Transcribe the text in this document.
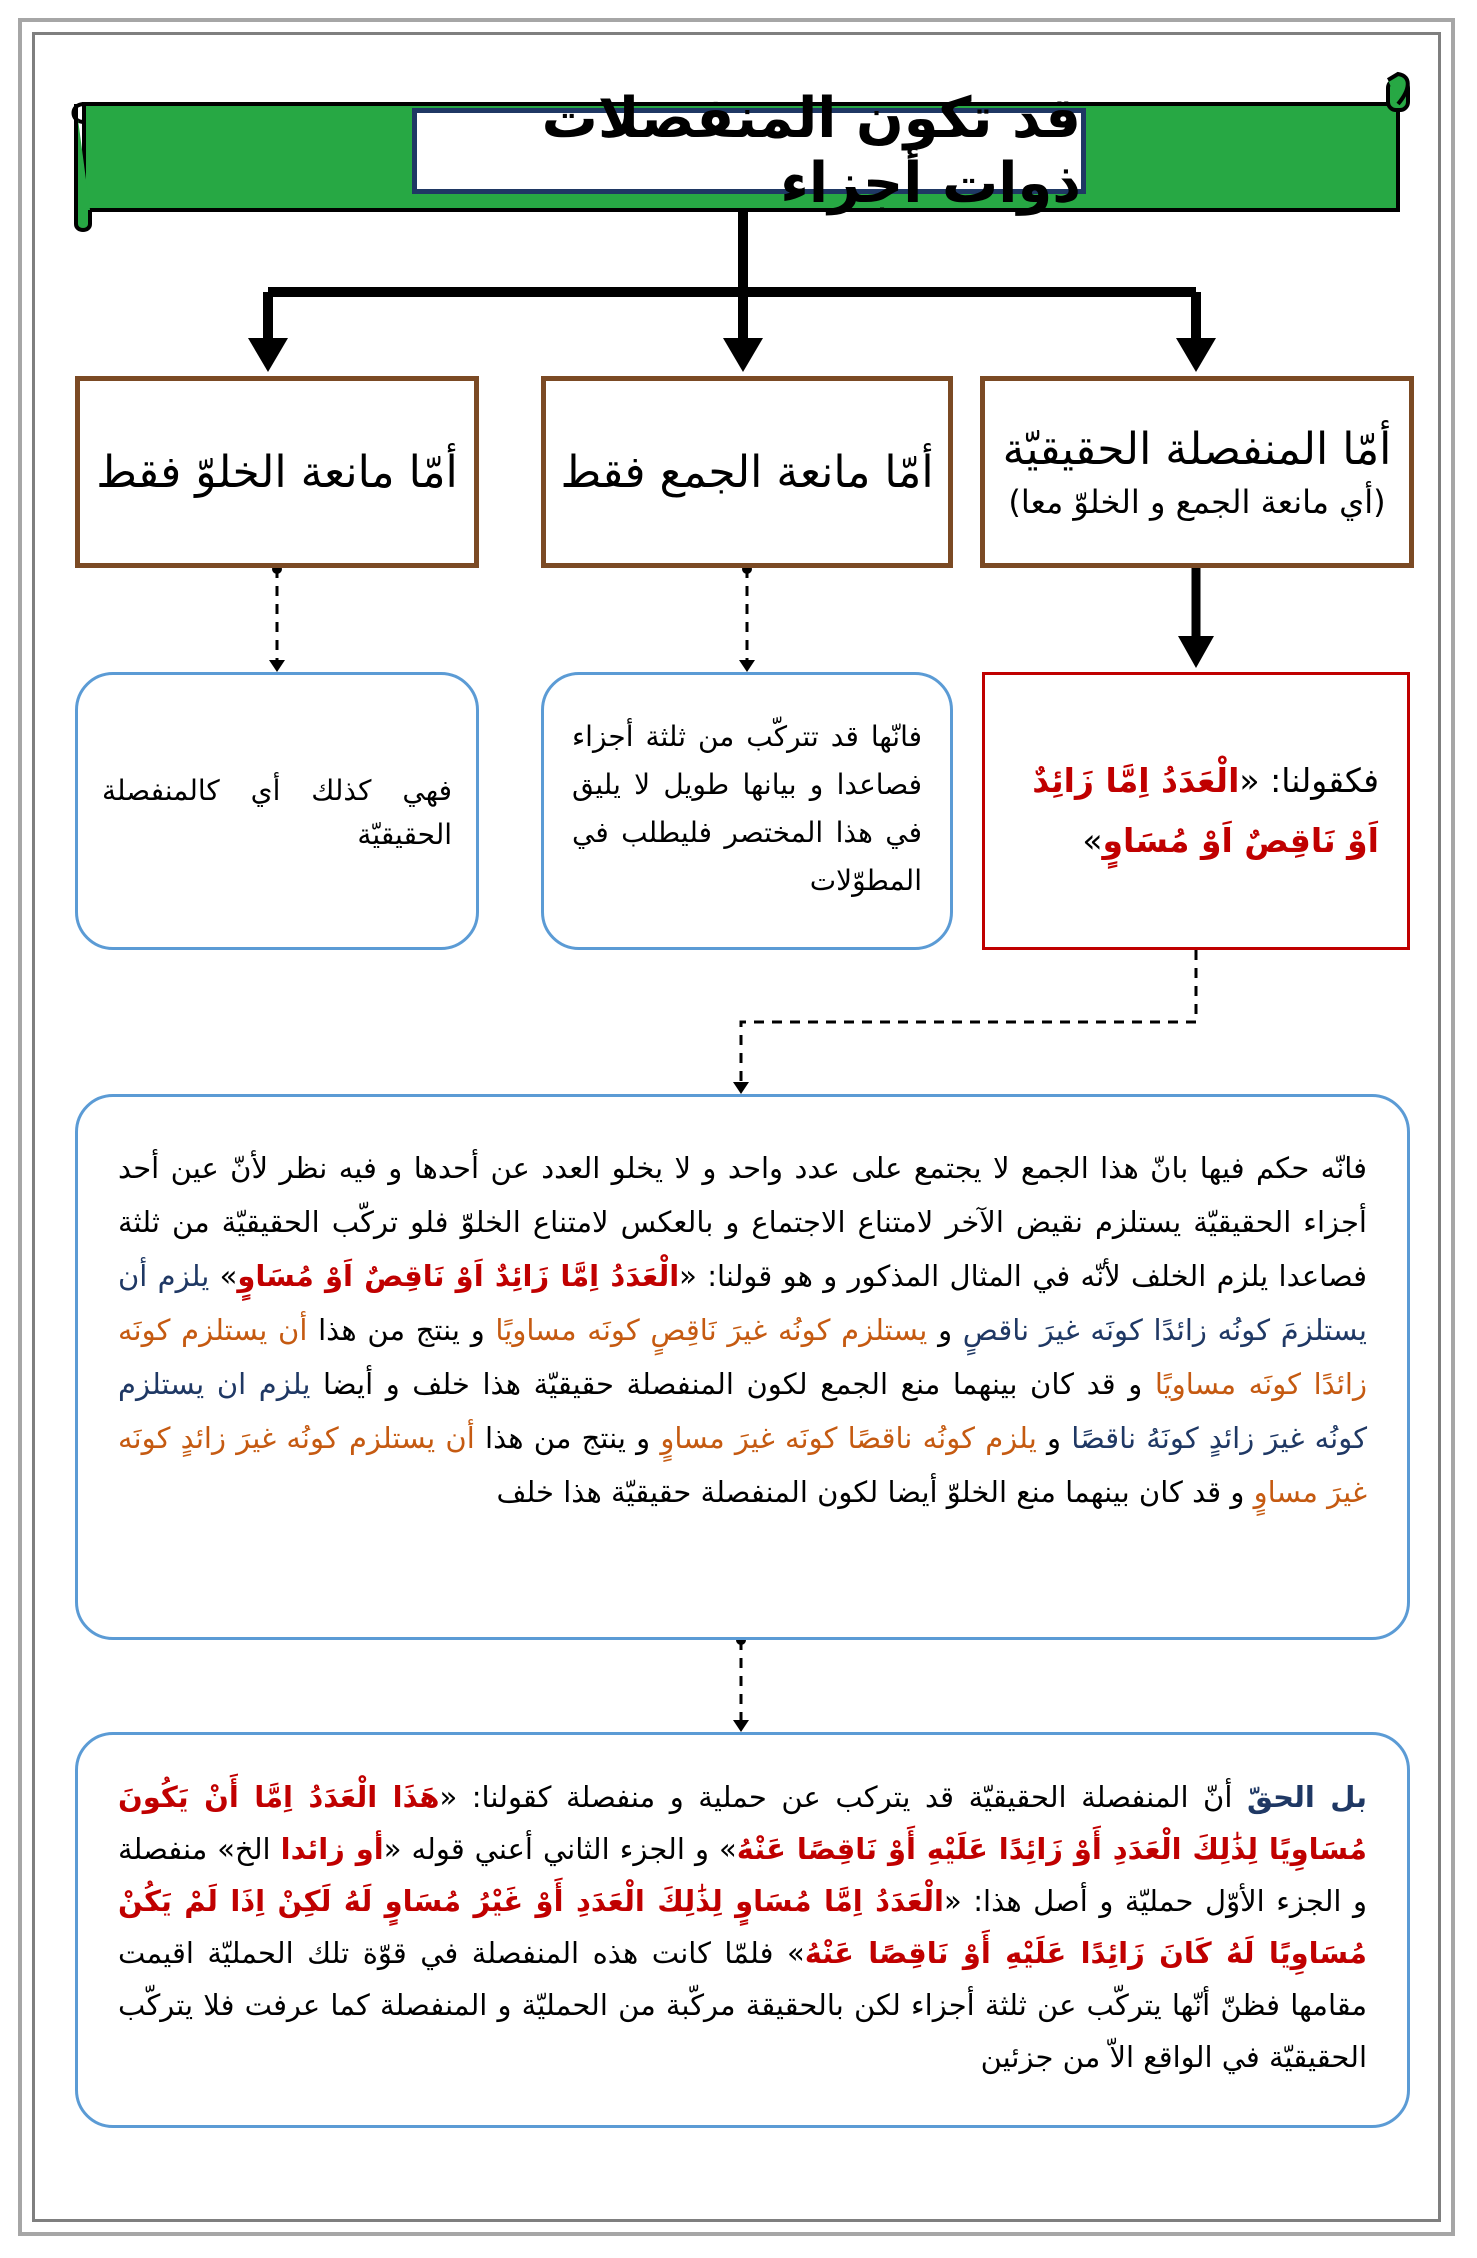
قد تكون المنفصلات ذوات أجزاء
أمّا المنفصلة الحقيقيّة
(أي مانعة الجمع و الخلوّ معا)
أمّا مانعة الجمع فقط
أمّا مانعة الخلوّ فقط
فكقولنا: «الْعَدَدُ اِمَّا زَائِدٌ اَوْ نَاقِصٌ اَوْ مُسَاوٍ»
فانّها قد تتركّب من ثلثة أجزاء فصاعدا و بيانها طويل لا يليق في هذا المختصر فليطلب في المطوّلات
فهي كذلك أي كالمنفصلة الحقيقيّة
فانّه حكم فيها بانّ هذا الجمع لا يجتمع على عدد واحد و لا يخلو العدد عن أحدها و فيه نظر لأنّ عين أحد أجزاء الحقيقيّة يستلزم نقيض الآخر لامتناع الاجتماع و بالعكس لامتناع الخلوّ فلو تركّب الحقيقيّة من ثلثة فصاعدا يلزم الخلف لأنّه في المثال المذكور و هو قولنا: «الْعَدَدُ اِمَّا زَائِدٌ اَوْ نَاقِصٌ اَوْ مُسَاوٍ» يلزم أن يستلزمَ كونُه زائدًا كونَه غيرَ ناقصٍ و يستلزم كونُه غيرَ نَاقِصٍ كونَه مساويًا و ينتج من هذا أن يستلزم كونَه زائدًا كونَه مساويًا و قد كان بينهما منع الجمع لكون المنفصلة حقيقيّة هذا خلف و أيضا يلزم ان يستلزم كونُه غيرَ زائدٍ كونَهُ ناقصًا و يلزم كونُه ناقصًا كونَه غيرَ مساوٍ و ينتج من هذا أن يستلزم كونُه غيرَ زائدٍ كونَه غيرَ مساوٍ و قد كان بينهما منع الخلوّ أيضا لكون المنفصلة حقيقيّة هذا خلف
بل الحقّ أنّ المنفصلة الحقيقيّة قد يتركب عن حملية و منفصلة كقولنا: «هَذَا الْعَدَدُ اِمَّا أَنْ يَكُونَ مُسَاوِيًا لِذَٰلِكَ الْعَدَدِ أَوْ زَائِدًا عَلَيْهِ أَوْ نَاقِصًا عَنْهُ» و الجزء الثاني أعني قوله «أو زائدا الخ» منفصلة و الجزء الأوّل حمليّة و أصل هذا: «الْعَدَدُ اِمَّا مُسَاوٍ لِذَٰلِكَ الْعَدَدِ أَوْ غَيْرُ مُسَاوٍ لَهُ لَكِنْ اِذَا لَمْ يَكُنْ مُسَاوِيًا لَهُ كَانَ زَائِدًا عَلَيْهِ أَوْ نَاقِصًا عَنْهُ» فلمّا كانت هذه المنفصلة في قوّة تلك الحمليّة اقيمت مقامها فظنّ أنّها يتركّب عن ثلثة أجزاء لكن بالحقيقة مركّبة من الحمليّة و المنفصلة كما عرفت فلا يتركّب الحقيقيّة في الواقع الاّ من جزئين
